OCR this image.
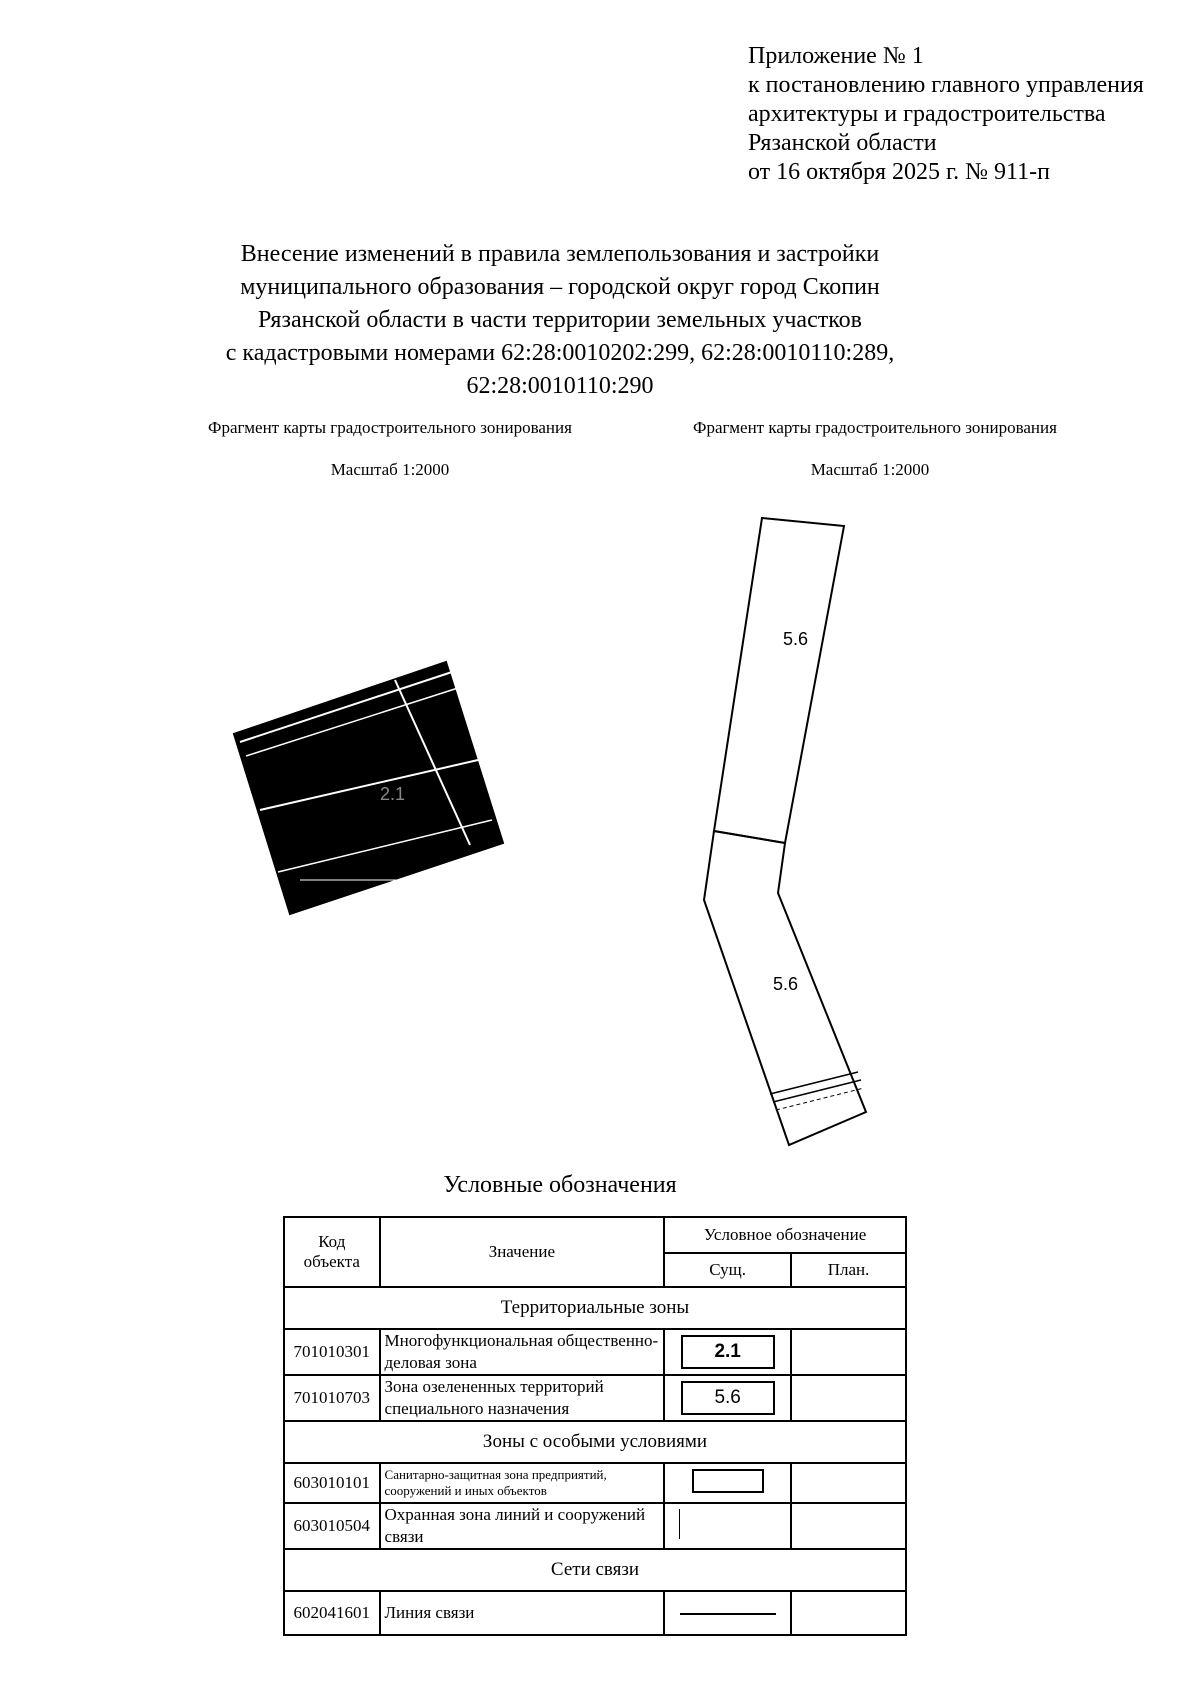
Приложение № 1
к постановлению главного управления
архитектуры и градостроительства
Рязанской области
от 16 октября 2025 г. № 911-п
Внесение изменений в правила землепользования и застройки
муниципального образования – городской округ город Скопин
Рязанской области в части территории земельных участков
с кадастровыми номерами 62:28:0010202:299, 62:28:0010110:289,
62:28:0010110:290
Фрагмент карты градостроительного зонирования
Масштаб 1:2000
Фрагмент карты градостроительного зонирования
Масштаб 1:2000
2.1
5.6
5.6
Условные обозначения
Код объекта	Значение	Условное обозначение	
		Сущ.	План.
Территориальные зоны			
701010301	Многофункциональная общественно-деловая зона	2.1	
701010703	Зона озелененных территорий специального назначения	5.6	
Зоны с особыми условиями			
603010101	Санитарно-защитная зона предприятий, сооружений и иных объектов		
603010504	Охранная зона линий и сооружений связи		
Сети связи			
602041601	Линия связи		
